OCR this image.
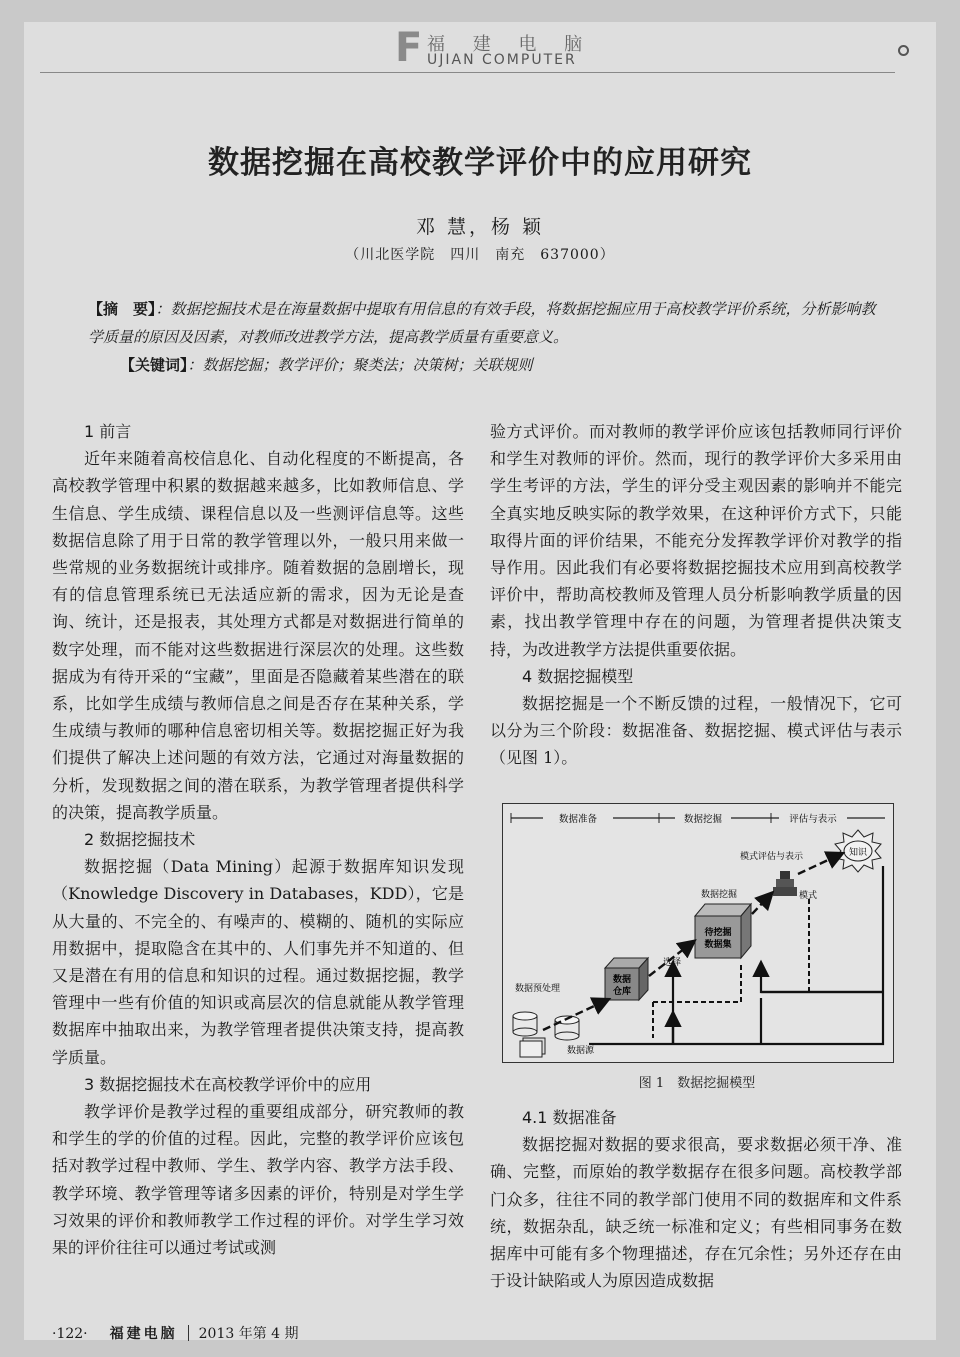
F 福 建 电 脑
UJIAN COMPUTER
数据挖掘在高校教学评价中的应用研究
邓 慧，杨 颖
（川北医学院　四川　南充　637000）
【摘　要】：数据挖掘技术是在海量数据中提取有用信息的有效手段，将数据挖掘应用于高校教学评价系统，分析影响教学质量的原因及因素，对教师改进教学方法，提高教学质量有重要意义。
【关键词】：数据挖掘；教学评价；聚类法；决策树；关联规则
1 前言

近年来随着高校信息化、自动化程度的不断提高，各高校教学管理中积累的数据越来越多，比如教师信息、学生信息、学生成绩、课程信息以及一些测评信息等。这些数据信息除了用于日常的教学管理以外，一般只用来做一些常规的业务数据统计或排序。随着数据的急剧增长，现有的信息管理系统已无法适应新的需求，因为无论是查询、统计，还是报表，其处理方式都是对数据进行简单的数字处理，而不能对这些数据进行深层次的处理。这些数据成为有待开采的“宝藏”，里面是否隐藏着某些潜在的联系，比如学生成绩与教师信息之间是否存在某种关系，学生成绩与教师的哪种信息密切相关等。数据挖掘正好为我们提供了解决上述问题的有效方法，它通过对海量数据的分析，发现数据之间的潜在联系，为教学管理者提供科学的决策，提高教学质量。

2 数据挖掘技术

数据挖掘（Data Mining）起源于数据库知识发现（Knowledge Discovery in Databases，KDD），它是从大量的、不完全的、有噪声的、模糊的、随机的实际应用数据中，提取隐含在其中的、人们事先并不知道的、但又是潜在有用的信息和知识的过程。通过数据挖掘，教学管理中一些有价值的知识或高层次的信息就能从教学管理数据库中抽取出来，为教学管理者提供决策支持，提高教学质量。

3 数据挖掘技术在高校教学评价中的应用

教学评价是教学过程的重要组成部分，研究教师的教和学生的学的价值的过程。因此，完整的教学评价应该包括对教学过程中教师、学生、教学内容、教学方法手段、教学环境、教学管理等诸多因素的评价，特别是对学生学习效果的评价和教师教学工作过程的评价。对学生学习效果的评价往往可以通过考试或测

验方式评价。而对教师的教学评价应该包括教师同行评价和学生对教师的评价。然而，现行的教学评价大多采用由学生考评的方法，学生的评分受主观因素的影响并不能完全真实地反映实际的教学效果，在这种评价方式下，只能取得片面的评价结果，不能充分发挥教学评价对教学的指导作用。因此我们有必要将数据挖掘技术应用到高校教学评价中，帮助高校教师及管理人员分析影响教学质量的因素，找出教学管理中存在的问题，为管理者提供决策支持，为改进教学方法提供重要依据。

4 数据挖掘模型

数据挖掘是一个不断反馈的过程，一般情况下，它可以分为三个阶段：数据准备、数据挖掘、模式评估与表示（见图 1）。

4.1 数据准备

数据挖掘对数据的要求很高，要求数据必须干净、准确、完整，而原始的教学数据存在很多问题。高校教学部门众多，往往不同的教学部门使用不同的数据库和文件系统，数据杂乱，缺乏统一标准和定义；有些相同事务在数据库中可能有多个物理描述，存在冗余性；另外还存在由于设计缺陷或人为原因造成数据

数据准备	数据挖掘	评估与表示
知识
模式评估与表示
数据挖掘	模式
待挖掘
数据集
数据
仓库
选择
数据预处理
数据源
图 1　数据挖掘模型
·122· 福建电脑 2013 年第 4 期
